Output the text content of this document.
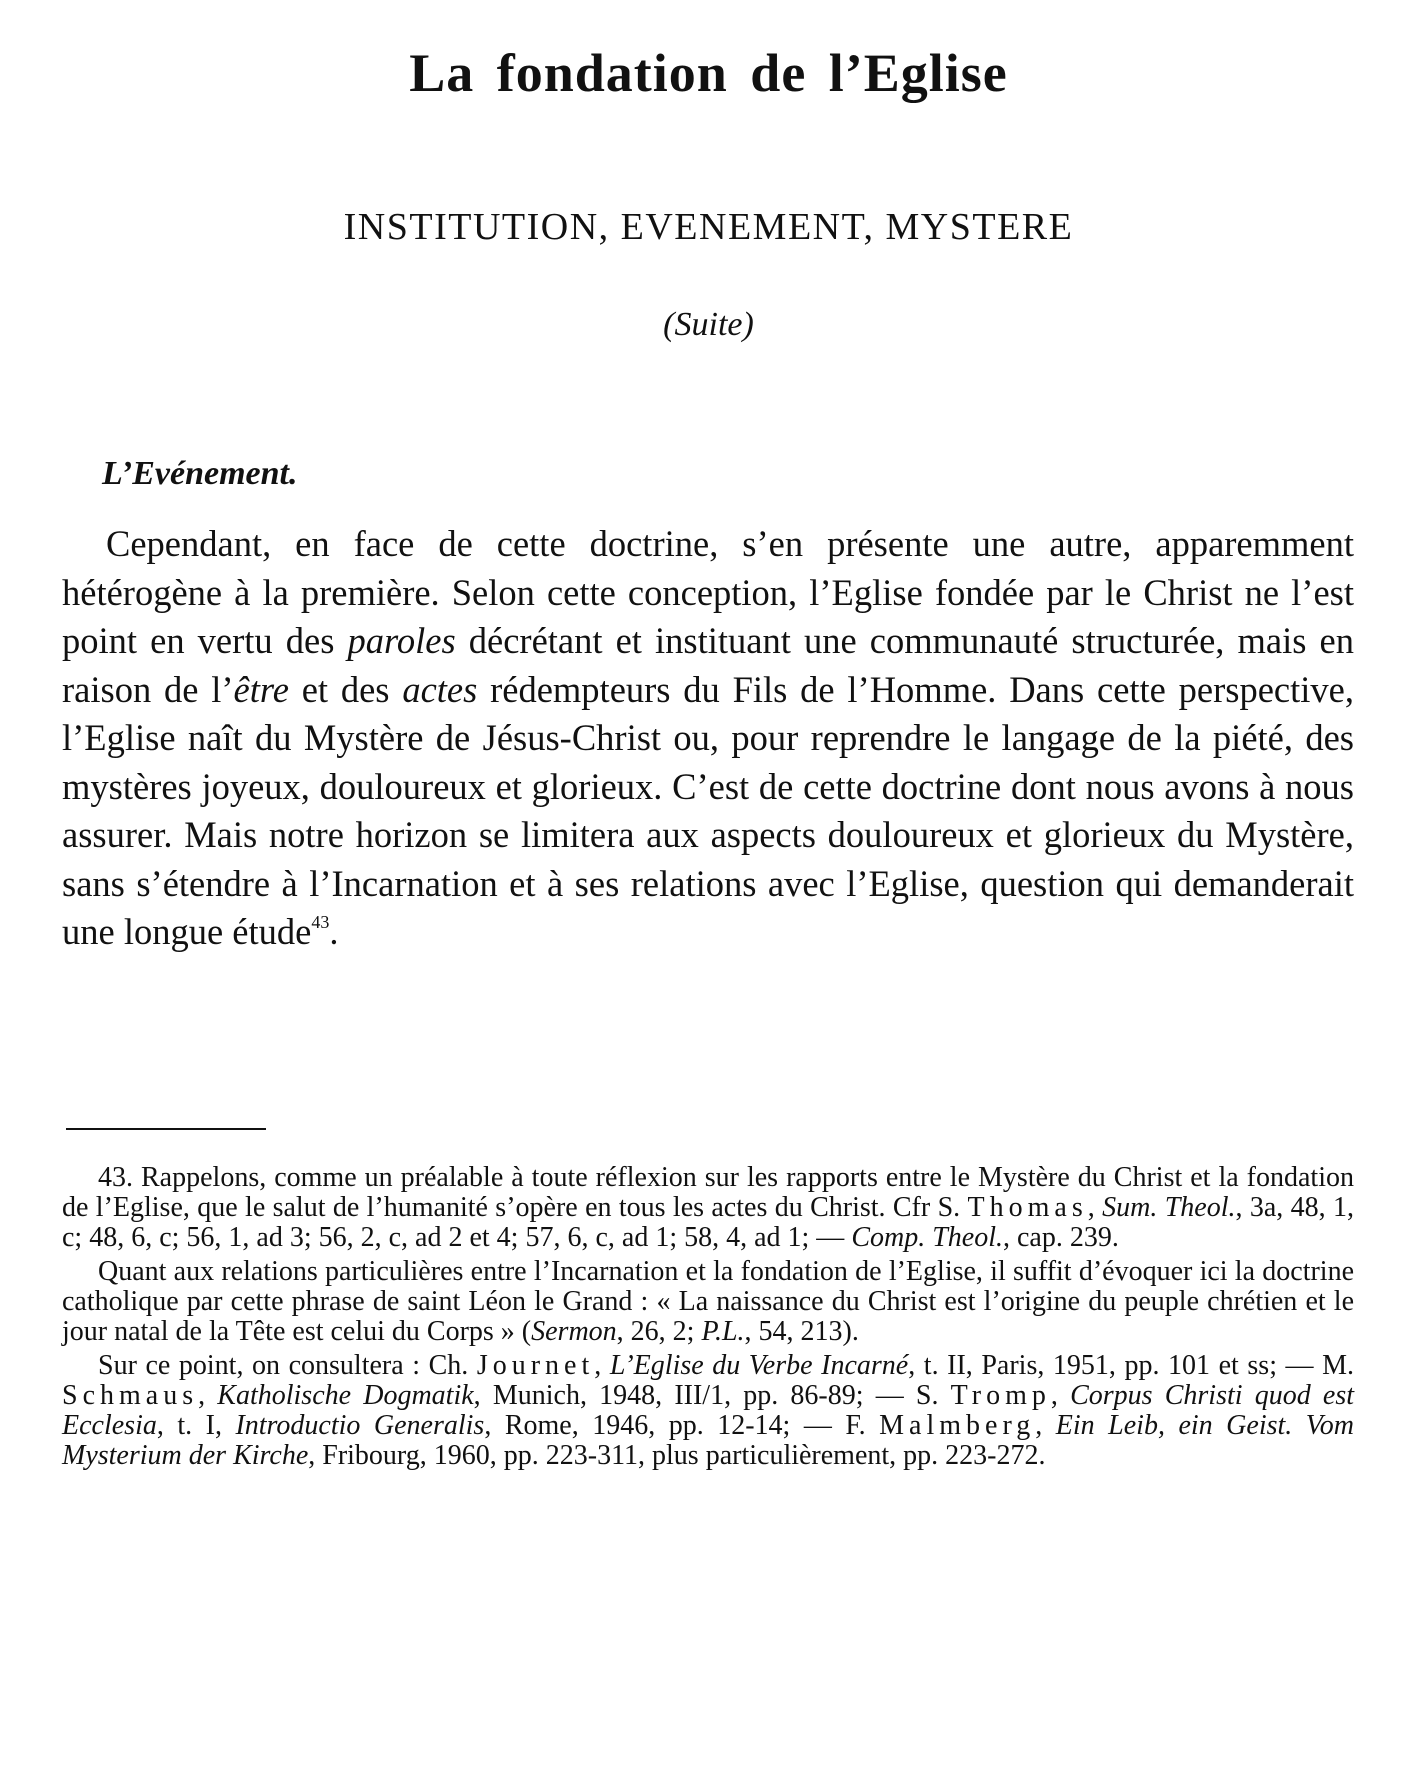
La fondation de l’Eglise
INSTITUTION, EVENEMENT, MYSTERE
(Suite)
L’Evénement.
Cependant, en face de cette doctrine, s’en présente une autre, apparemment hétérogène à la première. Selon cette conception, l’Eglise fondée par le Christ ne l’est point en vertu des paroles décrétant et instituant une communauté structurée, mais en raison de l’être et des actes rédempteurs du Fils de l’Homme. Dans cette perspective, l’Eglise naît du Mystère de Jésus-Christ ou, pour reprendre le langage de la piété, des mystères joyeux, douloureux et glorieux. C’est de cette doctrine dont nous avons à nous assurer. Mais notre horizon se limitera aux aspects douloureux et glorieux du Mystère, sans s’étendre à l’Incarnation et à ses relations avec l’Eglise, question qui demanderait une longue étude$^{43}$.

43. Rappelons, comme un préalable à toute réflexion sur les rapports entre le Mystère du Christ et la fondation de l’Eglise, que le salut de l’humanité s’opère en tous les actes du Christ. Cfr S. Thomas, Sum. Theol., 3a, 48, 1, c; 48, 6, c; 56, 1, ad 3; 56, 2, c, ad 2 et 4; 57, 6, c, ad 1; 58, 4, ad 1; — Comp. Theol., cap. 239.

Quant aux relations particulières entre l’Incarnation et la fondation de l’Eglise, il suffit d’évoquer ici la doctrine catholique par cette phrase de saint Léon le Grand : « La naissance du Christ est l’origine du peuple chrétien et le jour natal de la Tête est celui du Corps » (Sermon, 26, 2; P.L., 54, 213).

Sur ce point, on consultera : Ch. Journet, L’Eglise du Verbe Incarné, t. II, Paris, 1951, pp. 101 et ss; — M. Schmaus, Katholische Dogmatik, Munich, 1948, III/1, pp. 86-89; — S. Tromp, Corpus Christi quod est Ecclesia, t. I, Introductio Generalis, Rome, 1946, pp. 12-14; — F. Malmberg, Ein Leib, ein Geist. Vom Mysterium der Kirche, Fribourg, 1960, pp. 223-311, plus particulièrement, pp. 223-272.
